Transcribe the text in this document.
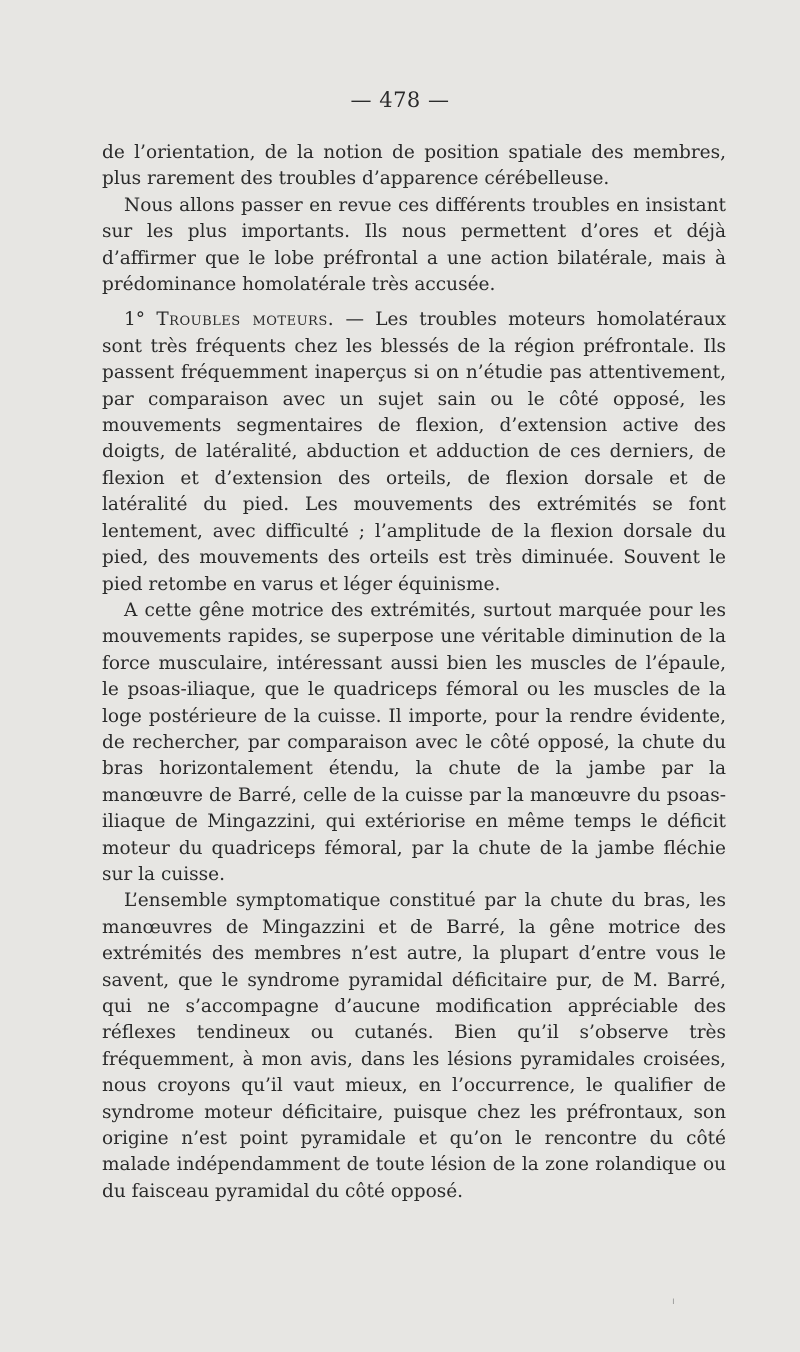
— 478 —

de l’orientation, de la notion de position spatiale des membres, plus rarement des troubles d’apparence cérébelleuse.

Nous allons passer en revue ces différents troubles en insistant sur les plus importants. Ils nous permettent d’ores et déjà d’affirmer que le lobe préfrontal a une action bilatérale, mais à prédominance homolatérale très accusée.

1° Troubles moteurs. — Les troubles moteurs homolatéraux sont très fréquents chez les blessés de la région préfrontale. Ils passent fréquemment inaperçus si on n’étudie pas attentivement, par comparaison avec un sujet sain ou le côté opposé, les mouvements segmentaires de flexion, d’extension active des doigts, de latéralité, abduction et adduction de ces derniers, de flexion et d’extension des orteils, de flexion dorsale et de latéralité du pied. Les mouvements des extrémités se font lentement, avec difficulté ; l’amplitude de la flexion dorsale du pied, des mouvements des orteils est très diminuée. Souvent le pied retombe en varus et léger équinisme.

A cette gêne motrice des extrémités, surtout marquée pour les mouvements rapides, se superpose une véritable diminution de la force musculaire, intéressant aussi bien les muscles de l’épaule, le psoas-iliaque, que le quadriceps fémoral ou les muscles de la loge postérieure de la cuisse. Il importe, pour la rendre évidente, de rechercher, par comparaison avec le côté opposé, la chute du bras horizontalement étendu, la chute de la jambe par la manœuvre de Barré, celle de la cuisse par la manœuvre du psoas-iliaque de Mingazzini, qui extériorise en même temps le déficit moteur du quadriceps fémoral, par la chute de la jambe fléchie sur la cuisse.

L’ensemble symptomatique constitué par la chute du bras, les manœuvres de Mingazzini et de Barré, la gêne motrice des extrémités des membres n’est autre, la plupart d’entre vous le savent, que le syndrome pyramidal déficitaire pur, de M. Barré, qui ne s’accompagne d’aucune modification appréciable des réflexes tendineux ou cutanés. Bien qu’il s’observe très fréquemment, à mon avis, dans les lésions pyramidales croisées, nous croyons qu’il vaut mieux, en l’occurrence, le qualifier de syndrome moteur déficitaire, puisque chez les préfrontaux, son origine n’est point pyramidale et qu’on le rencontre du côté malade indépendamment de toute lésion de la zone rolandique ou du faisceau pyramidal du côté opposé.

ı
